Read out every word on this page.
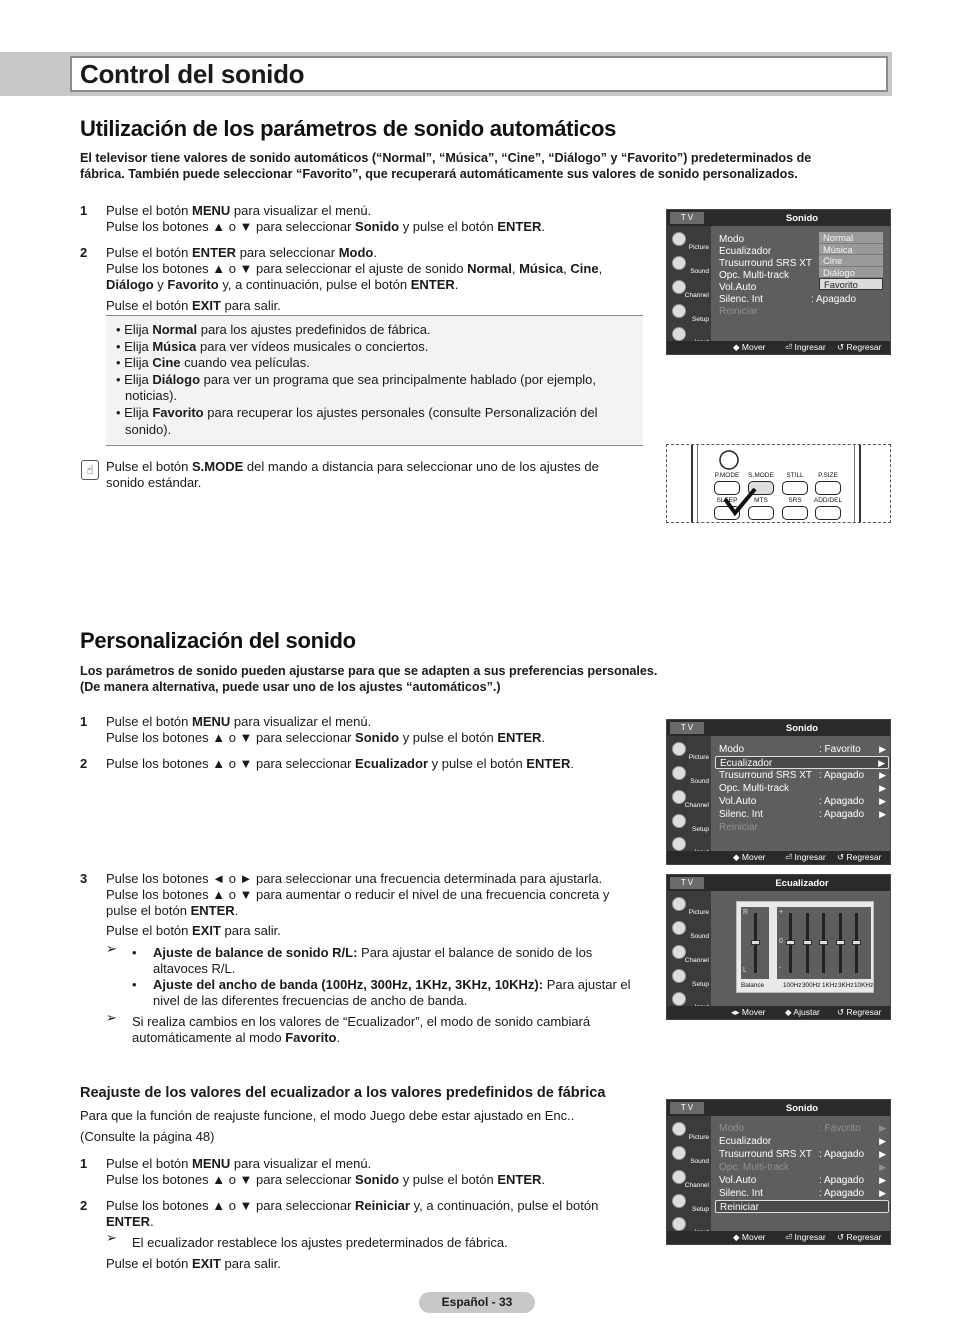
Control del sonido
Utilización de los parámetros de sonido automáticos
El televisor tiene valores de sonido automáticos (“Normal”, “Música”, “Cine”, “Diálogo” y “Favorito”) predeterminados de
fábrica. También puede seleccionar “Favorito”, que recuperará automáticamente sus valores de sonido personalizados.
1 Pulse el botón MENU para visualizar el menú.
Pulse los botones ▲ o ▼ para seleccionar Sonido y pulse el botón ENTER.
2 Pulse el botón ENTER para seleccionar Modo.
Pulse los botones ▲ o ▼ para seleccionar el ajuste de sonido Normal, Música, Cine,
Diálogo y Favorito y, a continuación, pulse el botón ENTER.
Pulse el botón EXIT para salir.
• Elija Normal para los ajustes predefinidos de fábrica.
• Elija Música para ver vídeos musicales o conciertos.
• Elija Cine cuando vea películas.
• Elija Diálogo para ver un programa que sea principalmente hablado (por ejemplo, noticias).
• Elija Favorito para recuperar los ajustes personales (consulte Personalización del sonido).
☝ Pulse el botón S.MODE del mando a distancia para seleccionar uno de los ajustes de
sonido estándar.
T V	Sonido
Picture
Sound
Channel
Setup
Modo
Ecualizador
Trusurround SRS XT
Opc. Multi-track
Vol.Auto
Silenc. Int	: Apagado
Reiniciar
Normal
Música
Cine
Diálogo
Favorito
◆ Mover ⏎ Ingresar ↺ Regresar
P.MODE	S.MODE	STILL	P.SIZE
SLEEP	MTS	SRS	ADD/DEL
Personalización del sonido
Los parámetros de sonido pueden ajustarse para que se adapten a sus preferencias personales.
(De manera alternativa, puede usar uno de los ajustes “automáticos”.)
1 Pulse el botón MENU para visualizar el menú.
Pulse los botones ▲ o ▼ para seleccionar Sonido y pulse el botón ENTER.
2 Pulse los botones ▲ o ▼ para seleccionar Ecualizador y pulse el botón ENTER.
3 Pulse los botones ◄ o ► para seleccionar una frecuencia determinada para ajustarla.
Pulse los botones ▲ o ▼ para aumentar o reducir el nivel de una frecuencia concreta y
pulse el botón ENTER.
Pulse el botón EXIT para salir.
➢ • Ajuste de balance de sonido R/L: Para ajustar el balance de sonido de los
altavoces R/L.
• Ajuste del ancho de banda (100Hz, 300Hz, 1KHz, 3KHz, 10KHz): Para ajustar el
nivel de las diferentes frecuencias de ancho de banda.
➢ Si realiza cambios en los valores de “Ecualizador”, el modo de sonido cambiará
automáticamente al modo Favorito.
T V	Sonido
Picture
Sound
Channel
Setup
Modo	: Favorito ▶
Ecualizador	▶
Trusurround SRS XT : Apagado ▶
Opc. Multi-track	▶
Vol.Auto	: Apagado ▶
Silenc. Int	: Apagado ▶
Reiniciar
◆ Mover ⏎ Ingresar ↺ Regresar
T V	Ecualizador
Picture
Sound
Channel
Setup
◂▸ Mover ◆ Ajustar ↺ Regresar
R
L
+
0
-
Balance	100Hz 300Hz 1KHz 3KHz 10KHz
Reajuste de los valores del ecualizador a los valores predefinidos de fábrica
Para que la función de reajuste funcione, el modo Juego debe estar ajustado en Enc..
(Consulte la página 48)
1 Pulse el botón MENU para visualizar el menú.
Pulse los botones ▲ o ▼ para seleccionar Sonido y pulse el botón ENTER.
2 Pulse los botones ▲ o ▼ para seleccionar Reiniciar y, a continuación, pulse el botón
ENTER.
➢ El ecualizador restablece los ajustes predeterminados de fábrica.
Pulse el botón EXIT para salir.
T V	Sonido
Picture
Sound
Channel
Setup
Modo	: Favorito ▶
Ecualizador	▶
Trusurround SRS XT : Apagado ▶
Opc. Multi-track	▶
Vol.Auto	: Apagado ▶
Silenc. Int	: Apagado ▶
Reiniciar
◆ Mover ⏎ Ingresar ↺ Regresar
Español - 33
